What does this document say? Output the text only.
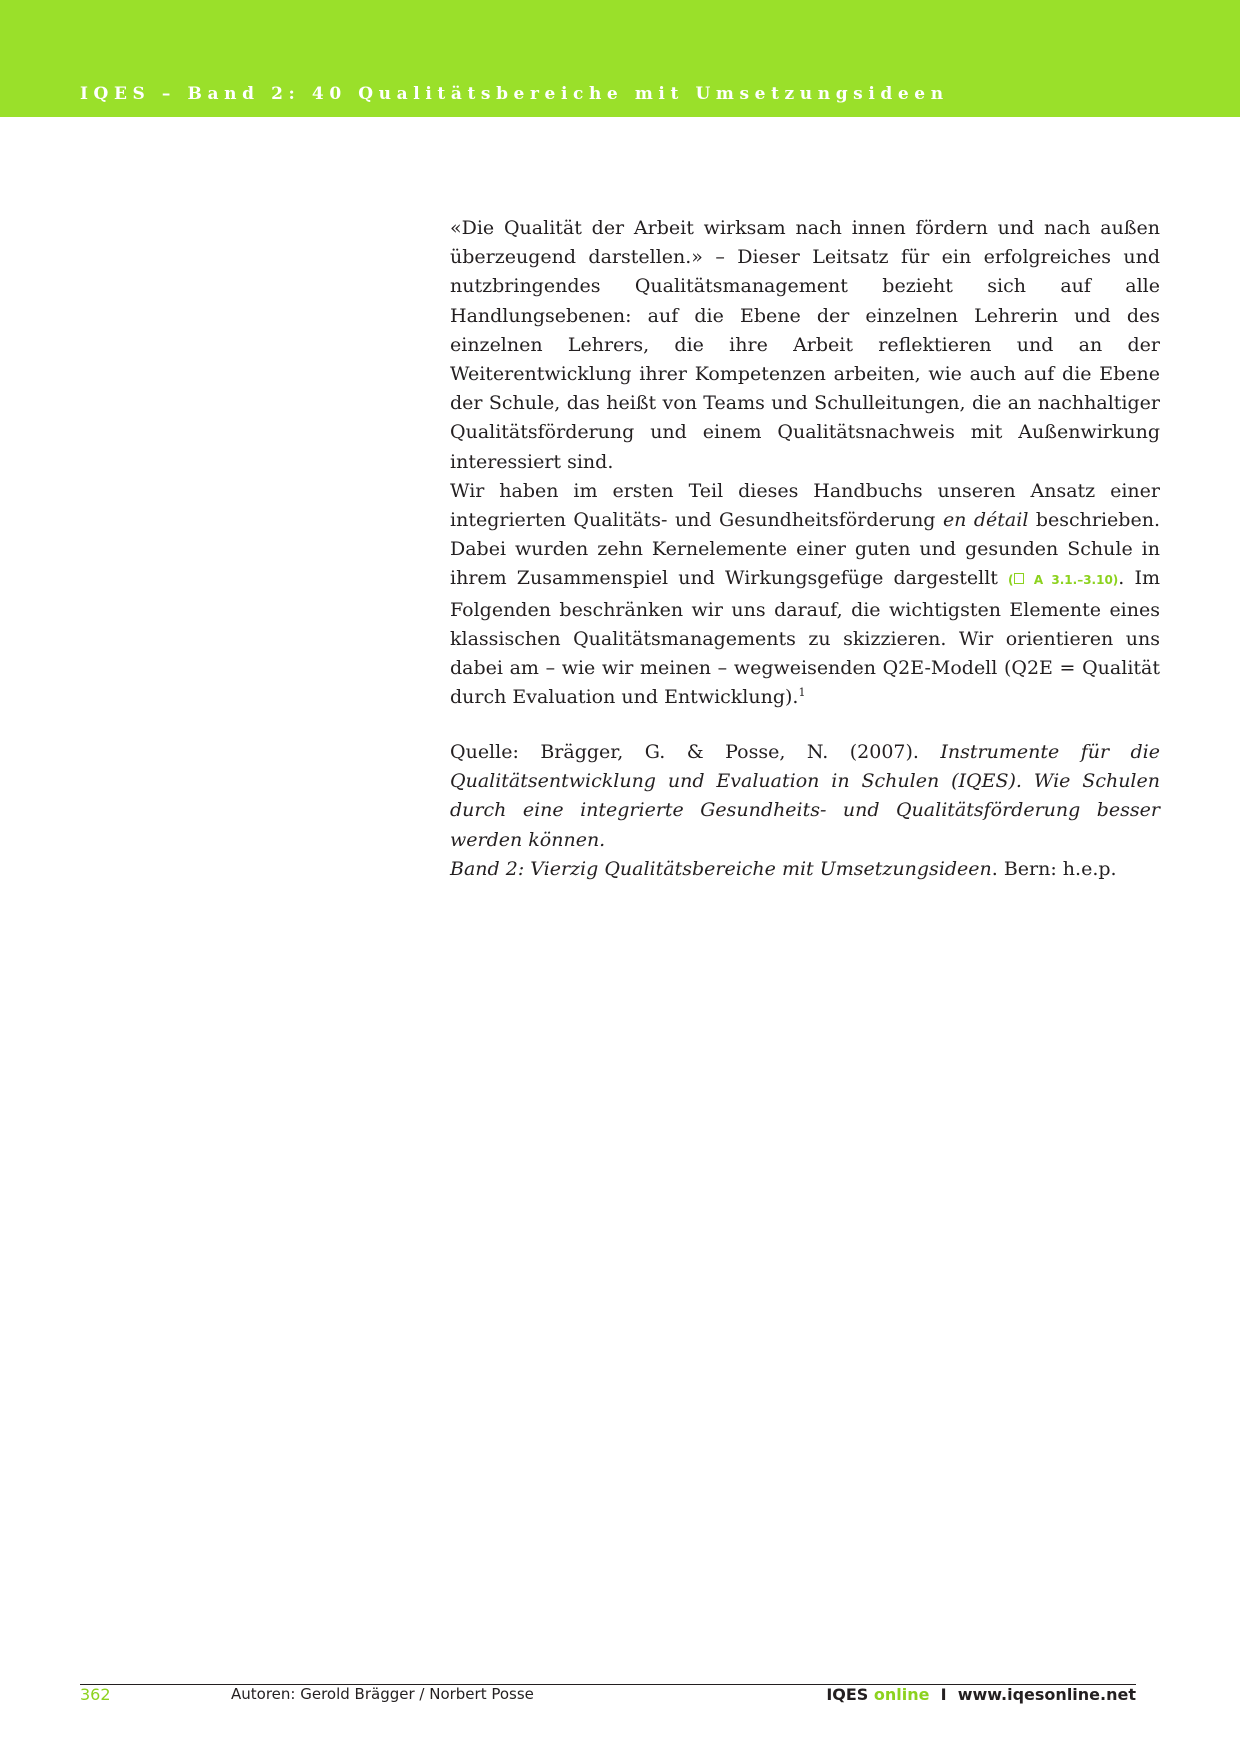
IQES – Band 2: 40 Qualitätsbereiche mit Umsetzungsideen

«Die Qualität der Arbeit wirksam nach innen fördern und nach außen überzeugend darstellen.» – Dieser Leitsatz für ein erfolgreiches und nutzbringendes Qualitätsmanagement bezieht sich auf alle Handlungsebenen: auf die Ebene der einzelnen Lehrerin und des einzelnen Lehrers, die ihre Arbeit reflektieren und an der Weiterentwicklung ihrer Kompetenzen arbeiten, wie auch auf die Ebene der Schule, das heißt von Teams und Schulleitungen, die an nachhaltiger Qualitätsförderung und einem Qualitätsnachweis mit Außenwirkung interessiert sind.

Wir haben im ersten Teil dieses Handbuchs unseren Ansatz einer integrierten Qualitäts- und Gesundheitsförderung en détail beschrieben. Dabei wurden zehn Kernelemente einer guten und gesunden Schule in ihrem Zusammenspiel und Wirkungsgefüge dargestellt ( A 3.1.–3.10). Im Folgenden beschränken wir uns darauf, die wichtigsten Elemente eines klassischen Qualitätsmanagements zu skizzieren. Wir orientieren uns dabei am – wie wir meinen – wegweisenden Q2E-Modell (Q2E = Qualität durch Evaluation und Entwicklung).$^1$

Quelle: Brägger, G. & Posse, N. (2007). Instrumente für die Qualitätsentwicklung und Evaluation in Schulen (IQES). Wie Schulen durch eine integrierte Gesundheits- und Qualitätsförderung besser werden können.

Band 2: Vierzig Qualitätsbereiche mit Umsetzungsideen. Bern: h.e.p.

362	Autoren: Gerold Brägger / Norbert Posse	IQES online  I  www.iqesonline.net
